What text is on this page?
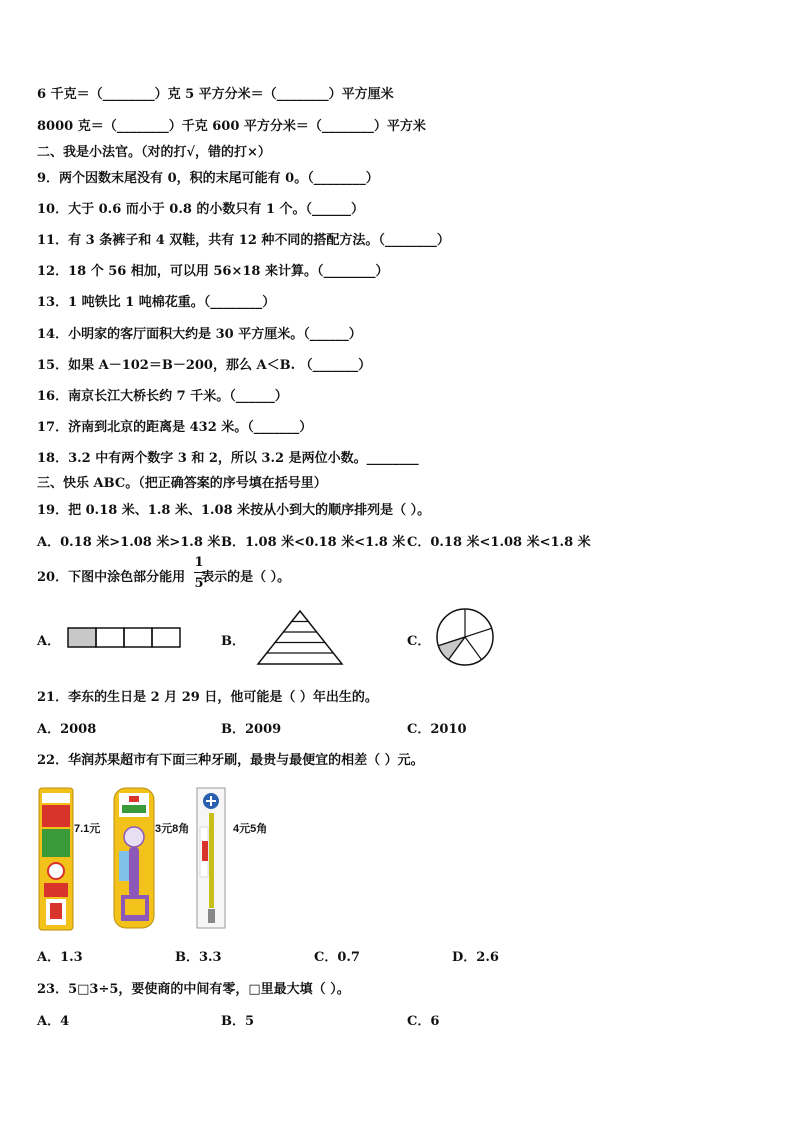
6 千克＝（________）克 5 平方分米＝（________）平方厘米
8000 克＝（________）千克 600 平方分米＝（________）平方米
二、我是小法官。（对的打√，错的打×）
9．两个因数末尾没有 0，积的末尾可能有 0。（________）
10．大于 0.6 而小于 0.8 的小数只有 1 个。（______）
11．有 3 条裤子和 4 双鞋，共有 12 种不同的搭配方法。（________）
12．18 个 56 相加，可以用 56×18 来计算。（________）
13．1 吨铁比 1 吨棉花重。（________）
14．小明家的客厅面积大约是 30 平方厘米。（______）
15．如果 A－102＝B－200，那么 A＜B. （_______）
16．南京长江大桥长约 7 千米。（______）
17．济南到北京的距离是 432 米。（_______）
18．3.2 中有两个数字 3 和 2，所以 3.2 是两位小数。________
三、快乐 ABC。（把正确答案的序号填在括号里）
19．把 0.18 米、1.8 米、1.08 米按从小到大的顺序排列是（ ）。
A．0.18 米>1.08 米>1.8 米 B．1.08 米<0.18 米<1.8 米 C．0.18 米<1.08 米<1.8 米
20．下图中涂色部分能用 表示的是（ ）。
1
5
A．	B．	C．
21．李东的生日是 2 月 29 日，他可能是（ ）年出生的。
A．2008	B．2009	C．2010
22．华润苏果超市有下面三种牙刷，最贵与最便宜的相差（ ）元。
7.1元	3元8角	4元5角
A．1.3	B．3.3	C．0.7	D．2.6
23．5□3÷5，要使商的中间有零，□里最大填（ ）。
A．4	B．5	C．6
